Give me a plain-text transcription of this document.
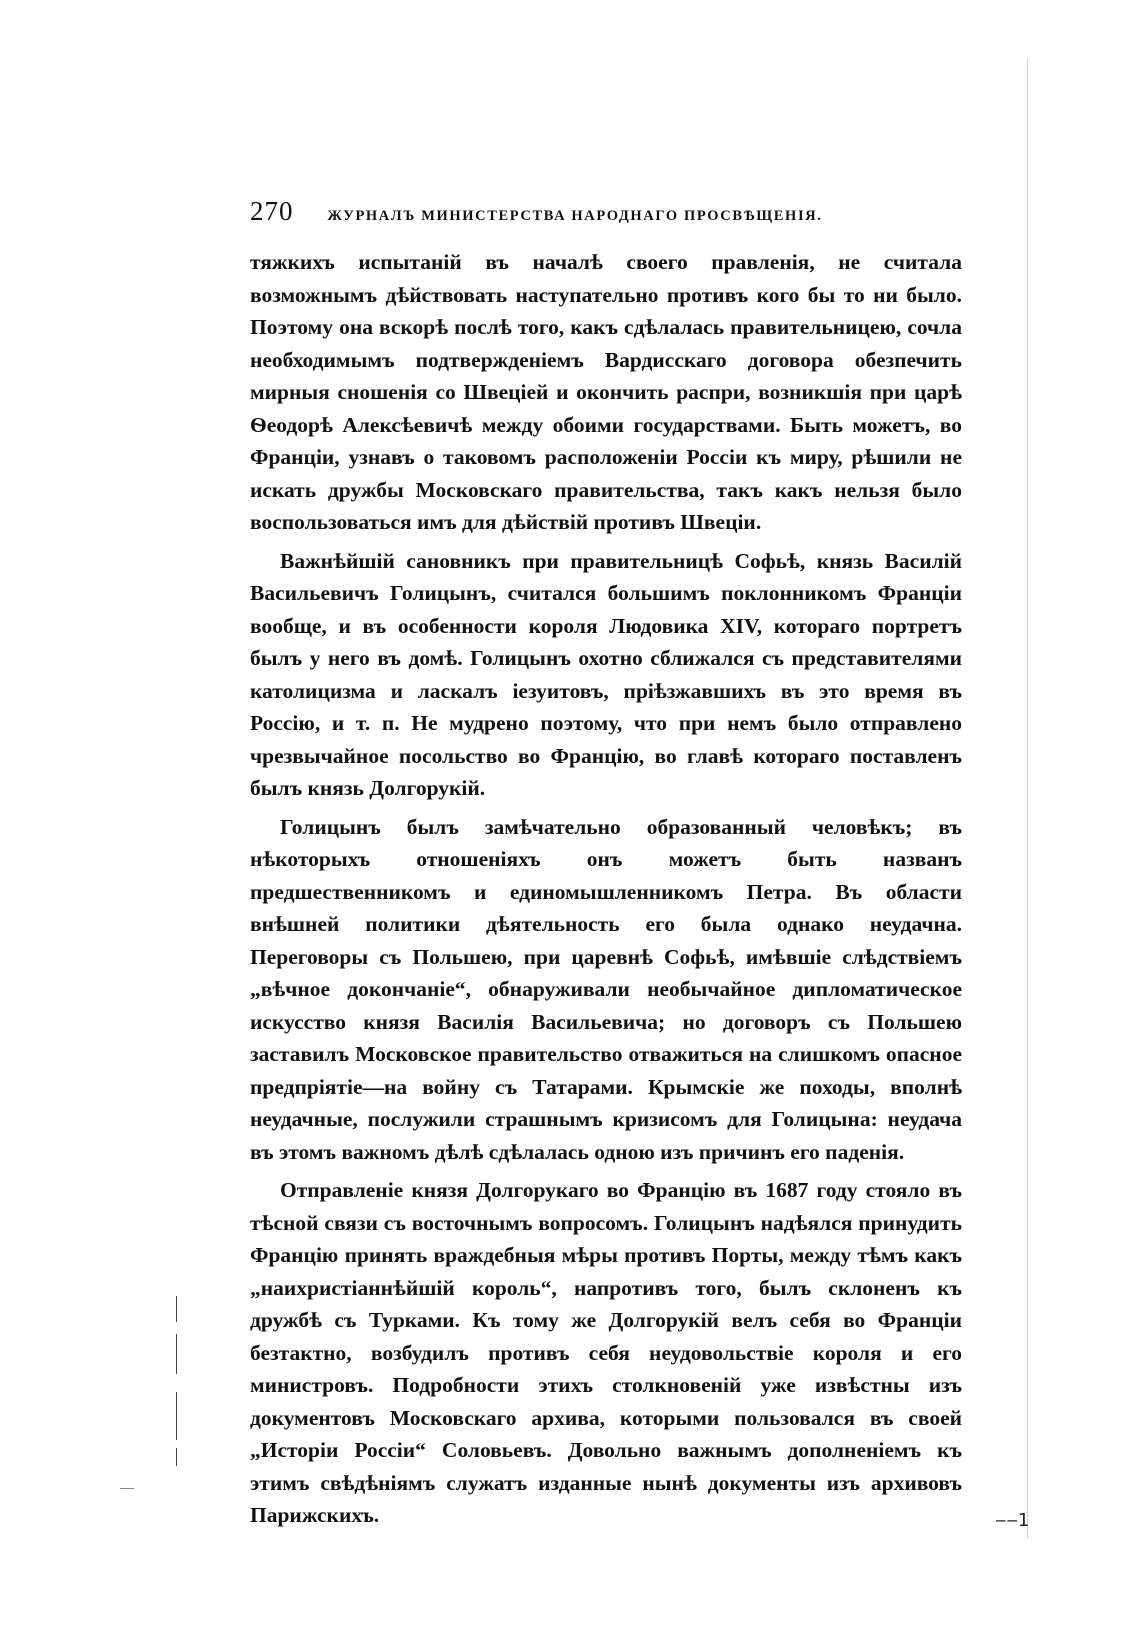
‒‒1
270 ЖУРНАЛЪ МИНИСТЕРСТВА НАРОДНАГО ПРОСВѢЩЕНІЯ.

тяжкихъ испытаній въ началѣ своего правленія, не считала возможнымъ дѣйствовать наступательно противъ кого бы то ни было. Поэтому она вскорѣ послѣ того, какъ сдѣлалась правительницею, сочла необходимымъ подтвержденіемъ Вардисскаго договора обезпечить мирныя сношенія со Швеціей и окончить распри, возникшія при царѣ Ѳеодорѣ Алексѣевичѣ между обоими государствами. Быть можетъ, во Франціи, узнавъ о таковомъ расположеніи Россіи къ миру, рѣшили не искать дружбы Московскаго правительства, такъ какъ нельзя было воспользоваться имъ для дѣйствій противъ Швеціи.

Важнѣйшій сановникъ при правительницѣ Софьѣ, князь Василій Васильевичъ Голицынъ, считался большимъ поклонникомъ Франціи вообще, и въ особенности короля Людовика XIV, котораго портретъ былъ у него въ домѣ. Голицынъ охотно сближался съ представителями католицизма и ласкалъ іезуитовъ, пріѣзжавшихъ въ это время въ Россію, и т. п. Не мудрено поэтому, что при немъ было отправлено чрезвычайное посольство во Францію, во главѣ котораго поставленъ былъ князь Долгорукій.

Голицынъ былъ замѣчательно образованный человѣкъ; въ нѣкоторыхъ отношеніяхъ онъ можетъ быть названъ предшественникомъ и единомышленникомъ Петра. Въ области внѣшней политики дѣятельность его была однако неудачна. Переговоры съ Польшею, при царевнѣ Софьѣ, имѣвшіе слѣдствіемъ „вѣчное докончаніе“, обнаруживали необычайное дипломатическое искусство князя Василія Васильевича; но договоръ съ Польшею заставилъ Московское правительство отважиться на слишкомъ опасное предпріятіе—на войну съ Татарами. Крымскіе же походы, вполнѣ неудачные, послужили страшнымъ кризисомъ для Голицына: неудача въ этомъ важномъ дѣлѣ сдѣлалась одною изъ причинъ его паденія.

Отправленіе князя Долгорукаго во Францію въ 1687 году стояло въ тѣсной связи съ восточнымъ вопросомъ. Голицынъ надѣялся принудить Францію принять враждебныя мѣры противъ Порты, между тѣмъ какъ „наихристіаннѣйшій король“, напротивъ того, былъ склоненъ къ дружбѣ съ Турками. Къ тому же Долгорукій велъ себя во Франціи безтактно, возбудилъ противъ себя неудовольствіе короля и его министровъ. Подробности этихъ столкновеній уже извѣстны изъ документовъ Московскаго архива, которыми пользовался въ своей „Исторіи Россіи“ Соловьевъ. Довольно важнымъ дополненіемъ къ этимъ свѣдѣніямъ служатъ изданные нынѣ документы изъ архивовъ Парижскихъ.
